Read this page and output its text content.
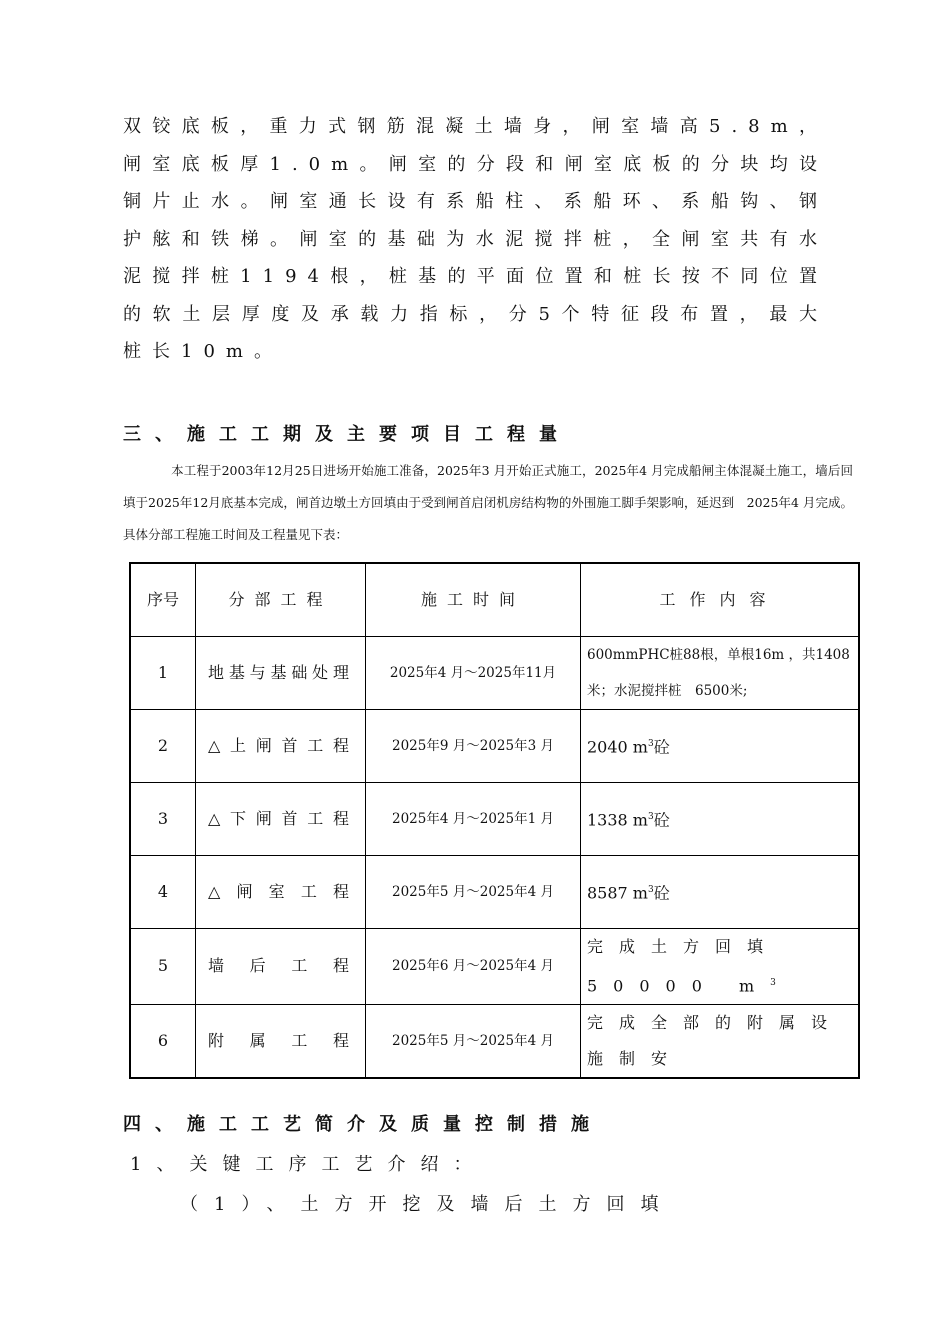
双铰底板，重力式钢筋混凝土墙身，闸室墙高5.8m，闸室底板厚1.0m。闸室的分段和闸室底板的分块均设铜片止水。闸室通长设有系船柱、系船环、系船钩、钢护舷和铁梯。闸室的基础为水泥搅拌桩，全闸室共有水泥搅拌桩1194根，桩基的平面位置和桩长按不同位置的软土层厚度及承载力指标，分5个特征段布置，最大桩长10m。
三、施工工期及主要项目工程量
本工程于2003年12月25日进场开始施工准备，2025年3 月开始正式施工，2025年4 月完成船闸主体混凝土施工，墙后回填于2025年12月底基本完成，闸首边墩土方回填由于受到闸首启闭机房结构物的外围施工脚手架影响，延迟到　2025年4 月完成。具体分部工程施工时间及工程量见下表：
序号	分部工程	施工时间	工作内容
1	地基与基础处理	2025年4 月～2025年11月	600mmPHC桩88根，单根16m ，共1408　米；水泥搅拌桩　6500米;
2	△上闸首工程	2025年9 月～2025年3 月	2040 $m^3$砼
3	△下闸首工程	2025年4 月～2025年1 月	1338 $m^3$砼
4	△闸室工程	2025年5 月～2025年4 月	8587 $m^3$砼
5	墙后工程	2025年6 月～2025年4 月	完成土方回填50000 $m^3$
6	附属工程	2025年5 月～2025年4 月	完成全部的附属设施制安
四、施工工艺简介及质量控制措施
1、关键工序工艺介绍：
（1）、土方开挖及墙后土方回填
